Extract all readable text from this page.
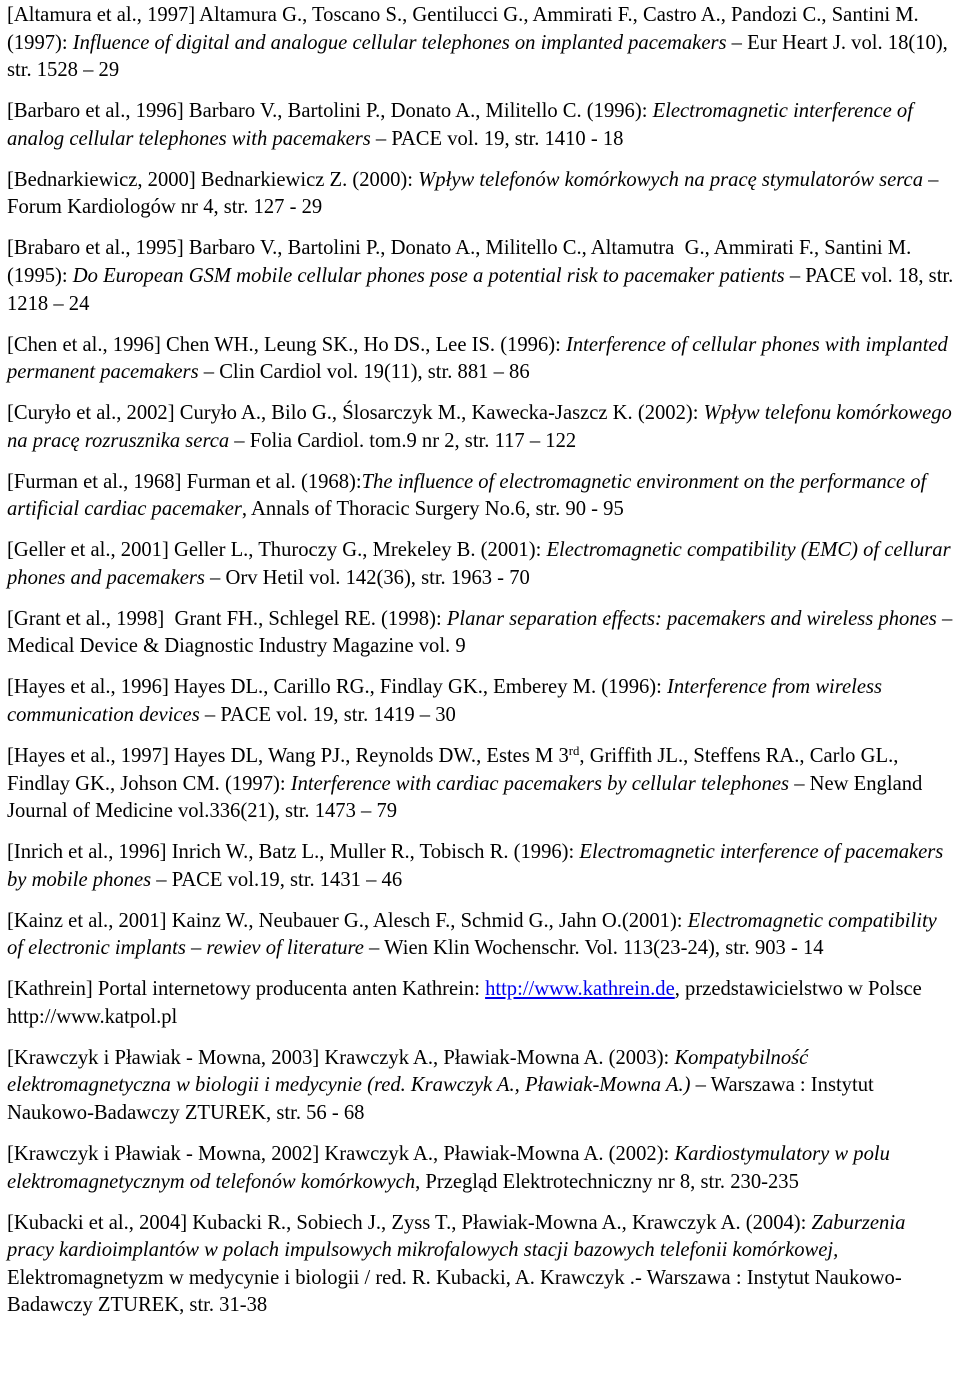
[Altamura et al., 1997] Altamura G., Toscano S., Gentilucci G., Ammirati F., Castro A., Pandozi C., Santini M. (1997): Influence of digital and analogue cellular telephones on implanted pacemakers – Eur Heart J. vol. 18(10), str. 1528 – 29

[Barbaro et al., 1996] Barbaro V., Bartolini P., Donato A., Militello C. (1996): Electromagnetic interference of analog cellular telephones with pacemakers – PACE vol. 19, str. 1410 - 18

[Bednarkiewicz, 2000] Bednarkiewicz Z. (2000): Wpływ telefonów komórkowych na pracę stymulatorów serca – Forum Kardiologów nr 4, str. 127 - 29

[Brabaro et al., 1995] Barbaro V., Bartolini P., Donato A., Militello C., Altamutra  G., Ammirati F., Santini M. (1995): Do European GSM mobile cellular phones pose a potential risk to pacemaker patients – PACE vol. 18, str. 1218 – 24

[Chen et al., 1996] Chen WH., Leung SK., Ho DS., Lee IS. (1996): Interference of cellular phones with implanted permanent pacemakers – Clin Cardiol vol. 19(11), str. 881 – 86

[Curyło et al., 2002] Curyło A., Bilo G., Ślosarczyk M., Kawecka-Jaszcz K. (2002): Wpływ telefonu komórkowego na pracę rozrusznika serca – Folia Cardiol. tom.9 nr 2, str. 117 – 122

[Furman et al., 1968] Furman et al. (1968):The influence of electromagnetic environment on the performance of artificial cardiac pacemaker, Annals of Thoracic Surgery No.6, str. 90 - 95

[Geller et al., 2001] Geller L., Thuroczy G., Mrekeley B. (2001): Electromagnetic compatibility (EMC) of cellurar phones and pacemakers – Orv Hetil vol. 142(36), str. 1963 - 70

[Grant et al., 1998]  Grant FH., Schlegel RE. (1998): Planar separation effects: pacemakers and wireless phones – Medical Device & Diagnostic Industry Magazine vol. 9

[Hayes et al., 1996] Hayes DL., Carillo RG., Findlay GK., Emberey M. (1996): Interference from wireless communication devices – PACE vol. 19, str. 1419 – 30

[Hayes et al., 1997] Hayes DL, Wang PJ., Reynolds DW., Estes M 3rd, Griffith JL., Steffens RA., Carlo GL., Findlay GK., Johson CM. (1997): Interference with cardiac pacemakers by cellular telephones – New England Journal of Medicine vol.336(21), str. 1473 – 79

[Inrich et al., 1996] Inrich W., Batz L., Muller R., Tobisch R. (1996): Electromagnetic interference of pacemakers by mobile phones – PACE vol.19, str. 1431 – 46

[Kainz et al., 2001] Kainz W., Neubauer G., Alesch F., Schmid G., Jahn O.(2001): Electromagnetic compatibility of electronic implants – rewiev of literature – Wien Klin Wochenschr. Vol. 113(23-24), str. 903 - 14

[Kathrein] Portal internetowy producenta anten Kathrein: http://www.kathrein.de, przedstawicielstwo w Polsce http://www.katpol.pl

[Krawczyk i Pławiak - Mowna, 2003] Krawczyk A., Pławiak-Mowna A. (2003): Kompatybilność elektromagnetyczna w biologii i medycynie (red. Krawczyk A., Pławiak-Mowna A.) – Warszawa : Instytut Naukowo-Badawczy ZTUREK, str. 56 - 68

[Krawczyk i Pławiak - Mowna, 2002] Krawczyk A., Pławiak-Mowna A. (2002): Kardiostymulatory w polu elektromagnetycznym od telefonów komórkowych, Przegląd Elektrotechniczny nr 8, str. 230-235

[Kubacki et al., 2004] Kubacki R., Sobiech J., Zyss T., Pławiak-Mowna A., Krawczyk A. (2004): Zaburzenia pracy kardioimplantów w polach impulsowych mikrofalowych stacji bazowych telefonii komórkowej, Elektromagnetyzm w medycynie i biologii / red. R. Kubacki, A. Krawczyk .- Warszawa : Instytut Naukowo-Badawczy ZTUREK, str. 31-38
